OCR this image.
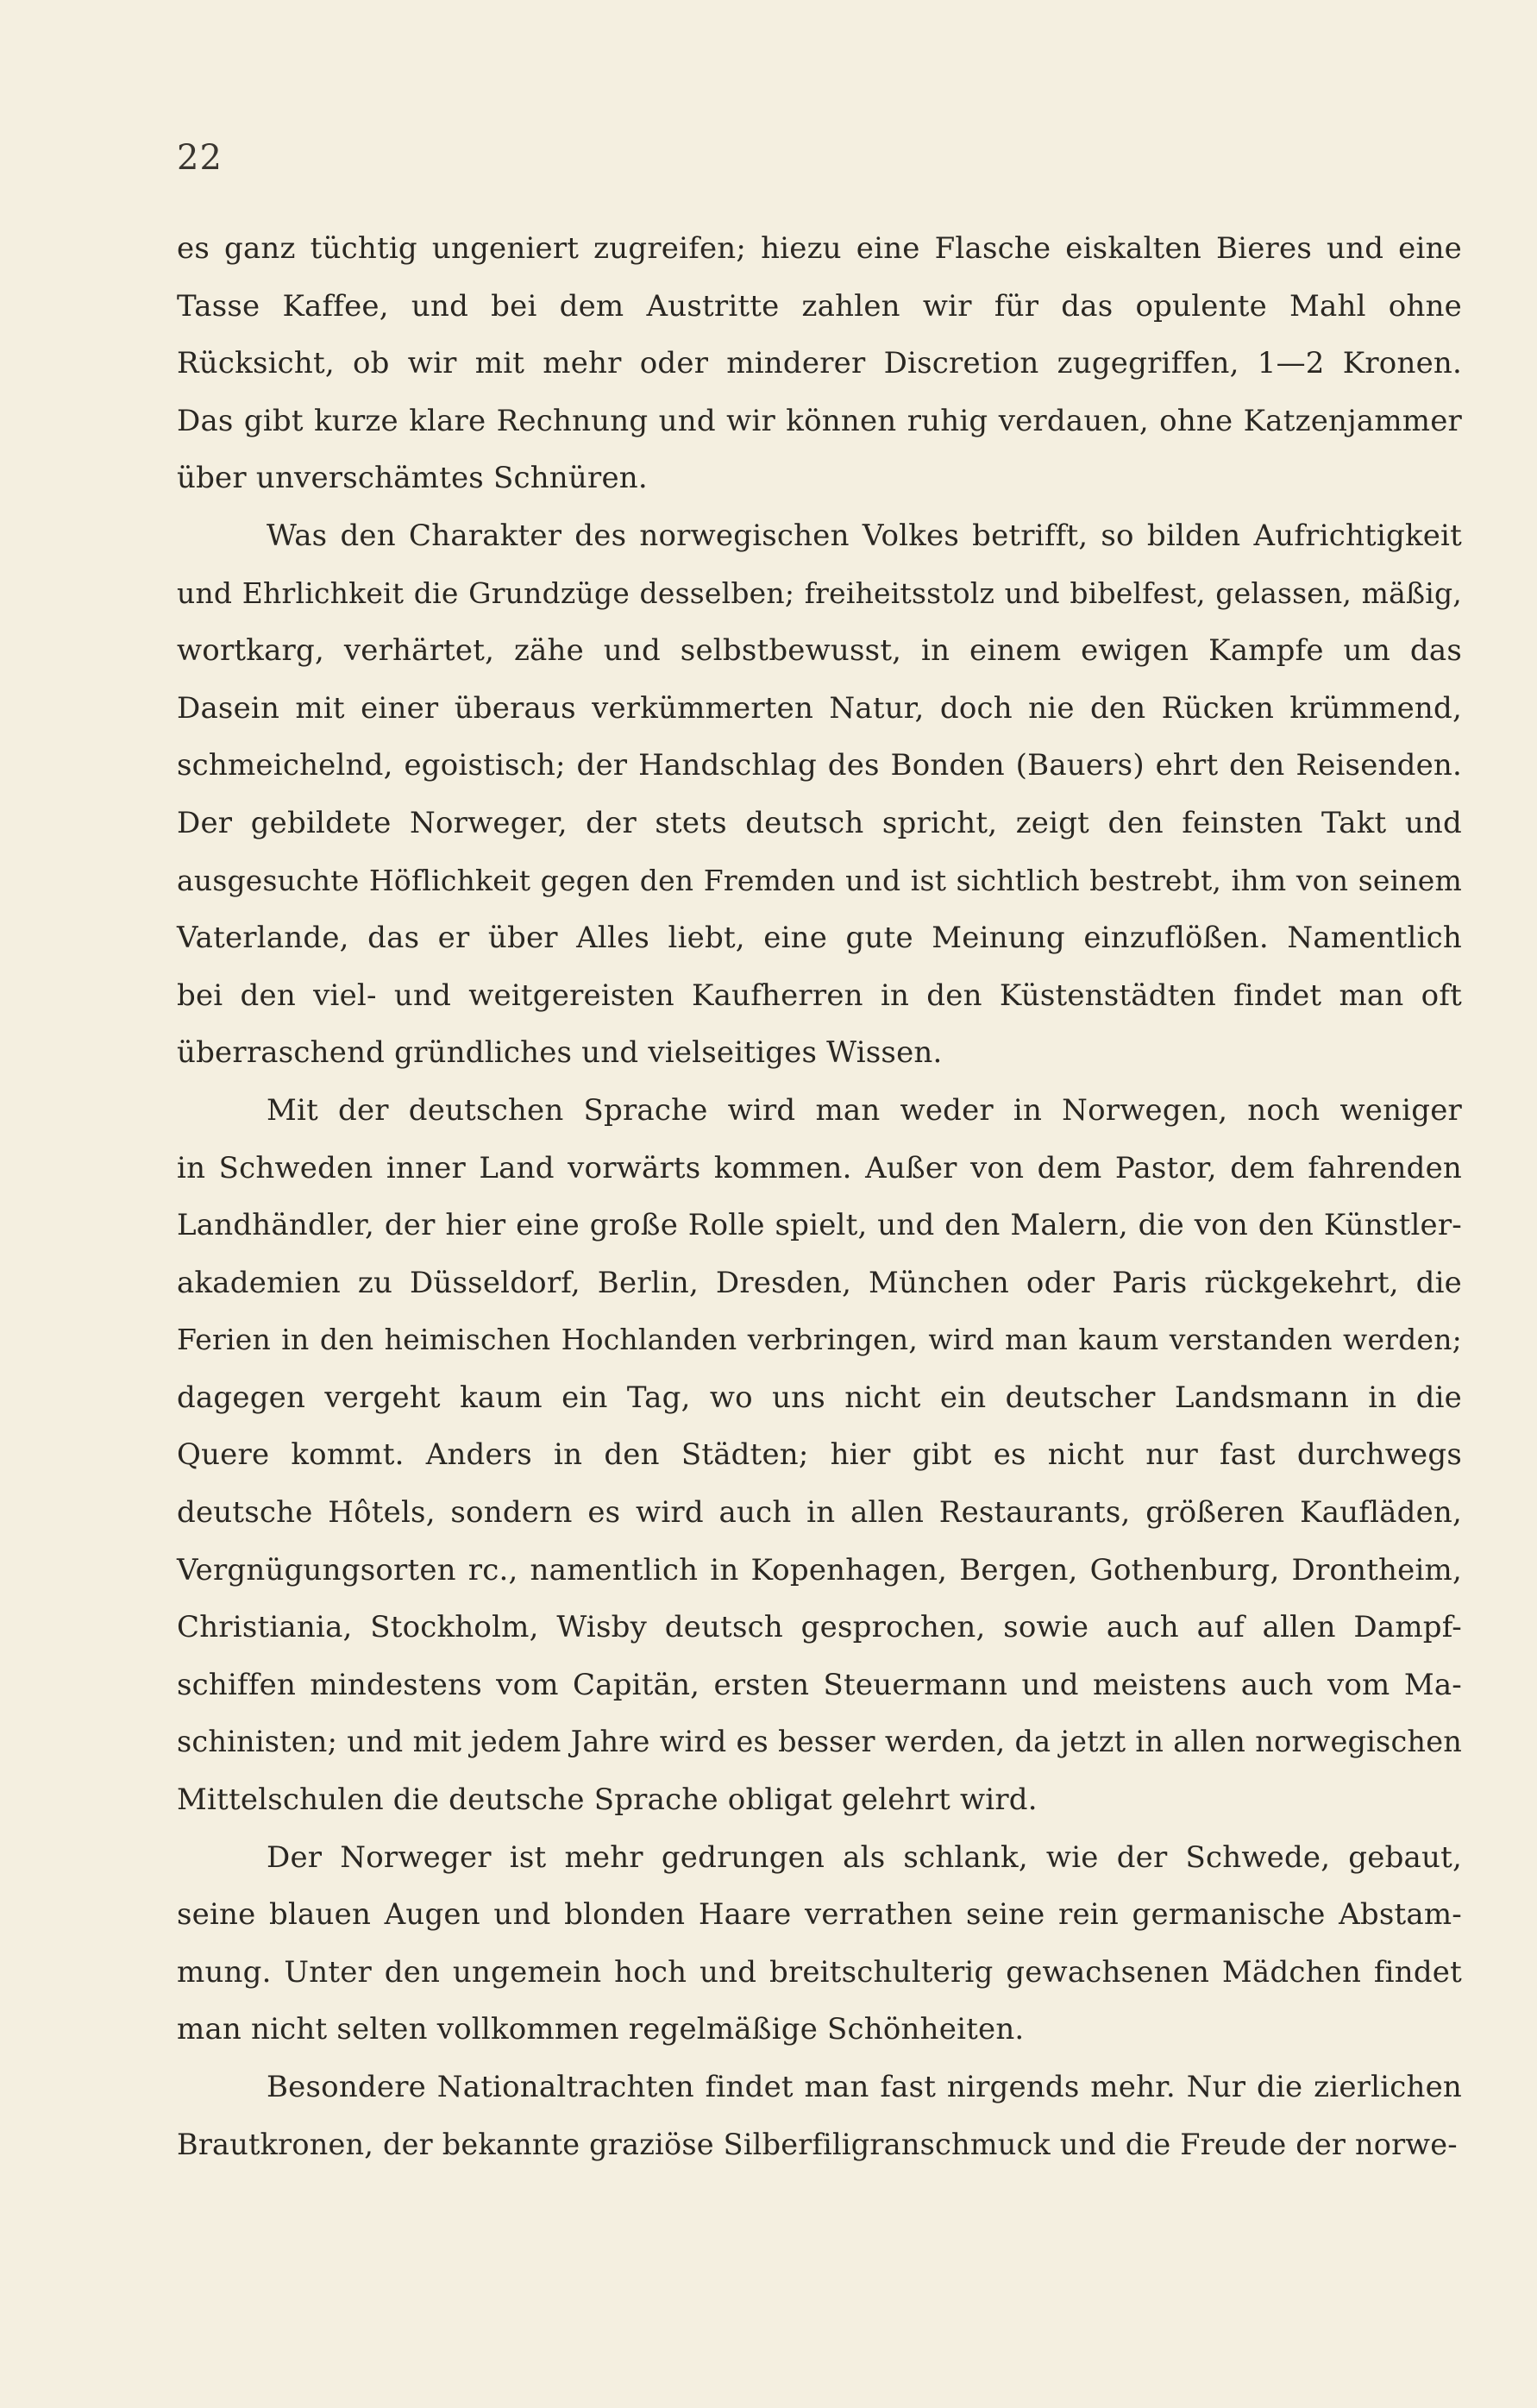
22
es ganz tüchtig ungeniert zugreifen; hiezu eine Flasche eiskalten Bieres und eine
Tasse Kaffee, und bei dem Austritte zahlen wir für das opulente Mahl ohne
Rücksicht, ob wir mit mehr oder minderer Discretion zugegriffen, 1—2 Kronen.
Das gibt kurze klare Rechnung und wir können ruhig verdauen, ohne Katzenjammer
über unverschämtes Schnüren.
Was den Charakter des norwegischen Volkes betrifft, so bilden Aufrichtigkeit
und Ehrlichkeit die Grundzüge desselben; freiheitsstolz und bibelfest, gelassen, mäßig,
wortkarg, verhärtet, zähe und selbstbewusst, in einem ewigen Kampfe um das
Dasein mit einer überaus verkümmerten Natur, doch nie den Rücken krümmend,
schmeichelnd, egoistisch; der Handschlag des Bonden (Bauers) ehrt den Reisenden.
Der gebildete Norweger, der stets deutsch spricht, zeigt den feinsten Takt und
ausgesuchte Höflichkeit gegen den Fremden und ist sichtlich bestrebt, ihm von seinem
Vaterlande, das er über Alles liebt, eine gute Meinung einzuflößen. Namentlich
bei den viel- und weitgereisten Kaufherren in den Küstenstädten findet man oft
überraschend gründliches und vielseitiges Wissen.
Mit der deutschen Sprache wird man weder in Norwegen, noch weniger
in Schweden inner Land vorwärts kommen. Außer von dem Pastor, dem fahrenden
Landhändler, der hier eine große Rolle spielt, und den Malern, die von den Künstler-
akademien zu Düsseldorf, Berlin, Dresden, München oder Paris rückgekehrt, die
Ferien in den heimischen Hochlanden verbringen, wird man kaum verstanden werden;
dagegen vergeht kaum ein Tag, wo uns nicht ein deutscher Landsmann in die
Quere kommt. Anders in den Städten; hier gibt es nicht nur fast durchwegs
deutsche Hôtels, sondern es wird auch in allen Restaurants, größeren Kaufläden,
Vergnügungsorten rc., namentlich in Kopenhagen, Bergen, Gothenburg, Drontheim,
Christiania, Stockholm, Wisby deutsch gesprochen, sowie auch auf allen Dampf-
schiffen mindestens vom Capitän, ersten Steuermann und meistens auch vom Ma-
schinisten; und mit jedem Jahre wird es besser werden, da jetzt in allen norwegischen
Mittelschulen die deutsche Sprache obligat gelehrt wird.
Der Norweger ist mehr gedrungen als schlank, wie der Schwede, gebaut,
seine blauen Augen und blonden Haare verrathen seine rein germanische Abstam-
mung. Unter den ungemein hoch und breitschulterig gewachsenen Mädchen findet
man nicht selten vollkommen regelmäßige Schönheiten.
Besondere Nationaltrachten findet man fast nirgends mehr. Nur die zierlichen
Brautkronen, der bekannte graziöse Silberfiligranschmuck und die Freude der norwe-
